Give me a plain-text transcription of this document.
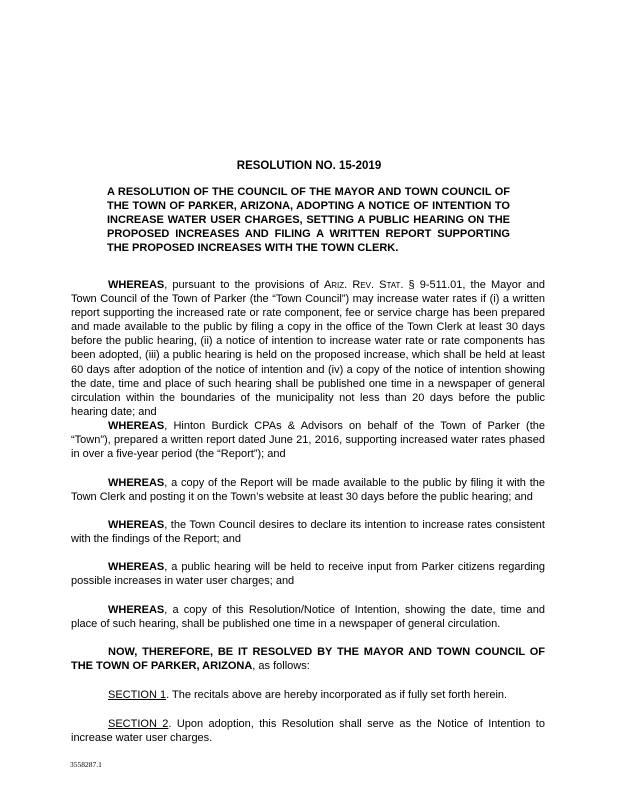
RESOLUTION NO. 15-2019
A RESOLUTION OF THE COUNCIL OF THE MAYOR AND TOWN COUNCIL OF THE TOWN OF PARKER, ARIZONA, ADOPTING A NOTICE OF INTENTION TO INCREASE WATER USER CHARGES, SETTING A PUBLIC HEARING ON THE PROPOSED INCREASES AND FILING A WRITTEN REPORT SUPPORTING THE PROPOSED INCREASES WITH THE TOWN CLERK.
WHEREAS, pursuant to the provisions of Ariz. Rev. Stat. § 9-511.01, the Mayor and Town Council of the Town of Parker (the “Town Council”) may increase water rates if (i) a written report supporting the increased rate or rate component, fee or service charge has been prepared and made available to the public by filing a copy in the office of the Town Clerk at least 30 days before the public hearing, (ii) a notice of intention to increase water rate or rate components has been adopted, (iii) a public hearing is held on the proposed increase, which shall be held at least 60 days after adoption of the notice of intention and (iv) a copy of the notice of intention showing the date, time and place of such hearing shall be published one time in a newspaper of general circulation within the boundaries of the municipality not less than 20 days before the public hearing date; and
WHEREAS, Hinton Burdick CPAs & Advisors on behalf of the Town of Parker (the “Town”), prepared a written report dated June 21, 2016, supporting increased water rates phased in over a five-year period (the “Report”); and
WHEREAS, a copy of the Report will be made available to the public by filing it with the Town Clerk and posting it on the Town’s website at least 30 days before the public hearing; and
WHEREAS, the Town Council desires to declare its intention to increase rates consistent with the findings of the Report; and
WHEREAS, a public hearing will be held to receive input from Parker citizens regarding possible increases in water user charges; and
WHEREAS, a copy of this Resolution/Notice of Intention, showing the date, time and place of such hearing, shall be published one time in a newspaper of general circulation.
NOW, THEREFORE, BE IT RESOLVED BY THE MAYOR AND TOWN COUNCIL OF THE TOWN OF PARKER, ARIZONA, as follows:
SECTION 1. The recitals above are hereby incorporated as if fully set forth herein.
SECTION 2. Upon adoption, this Resolution shall serve as the Notice of Intention to increase water user charges.
3558287.1
